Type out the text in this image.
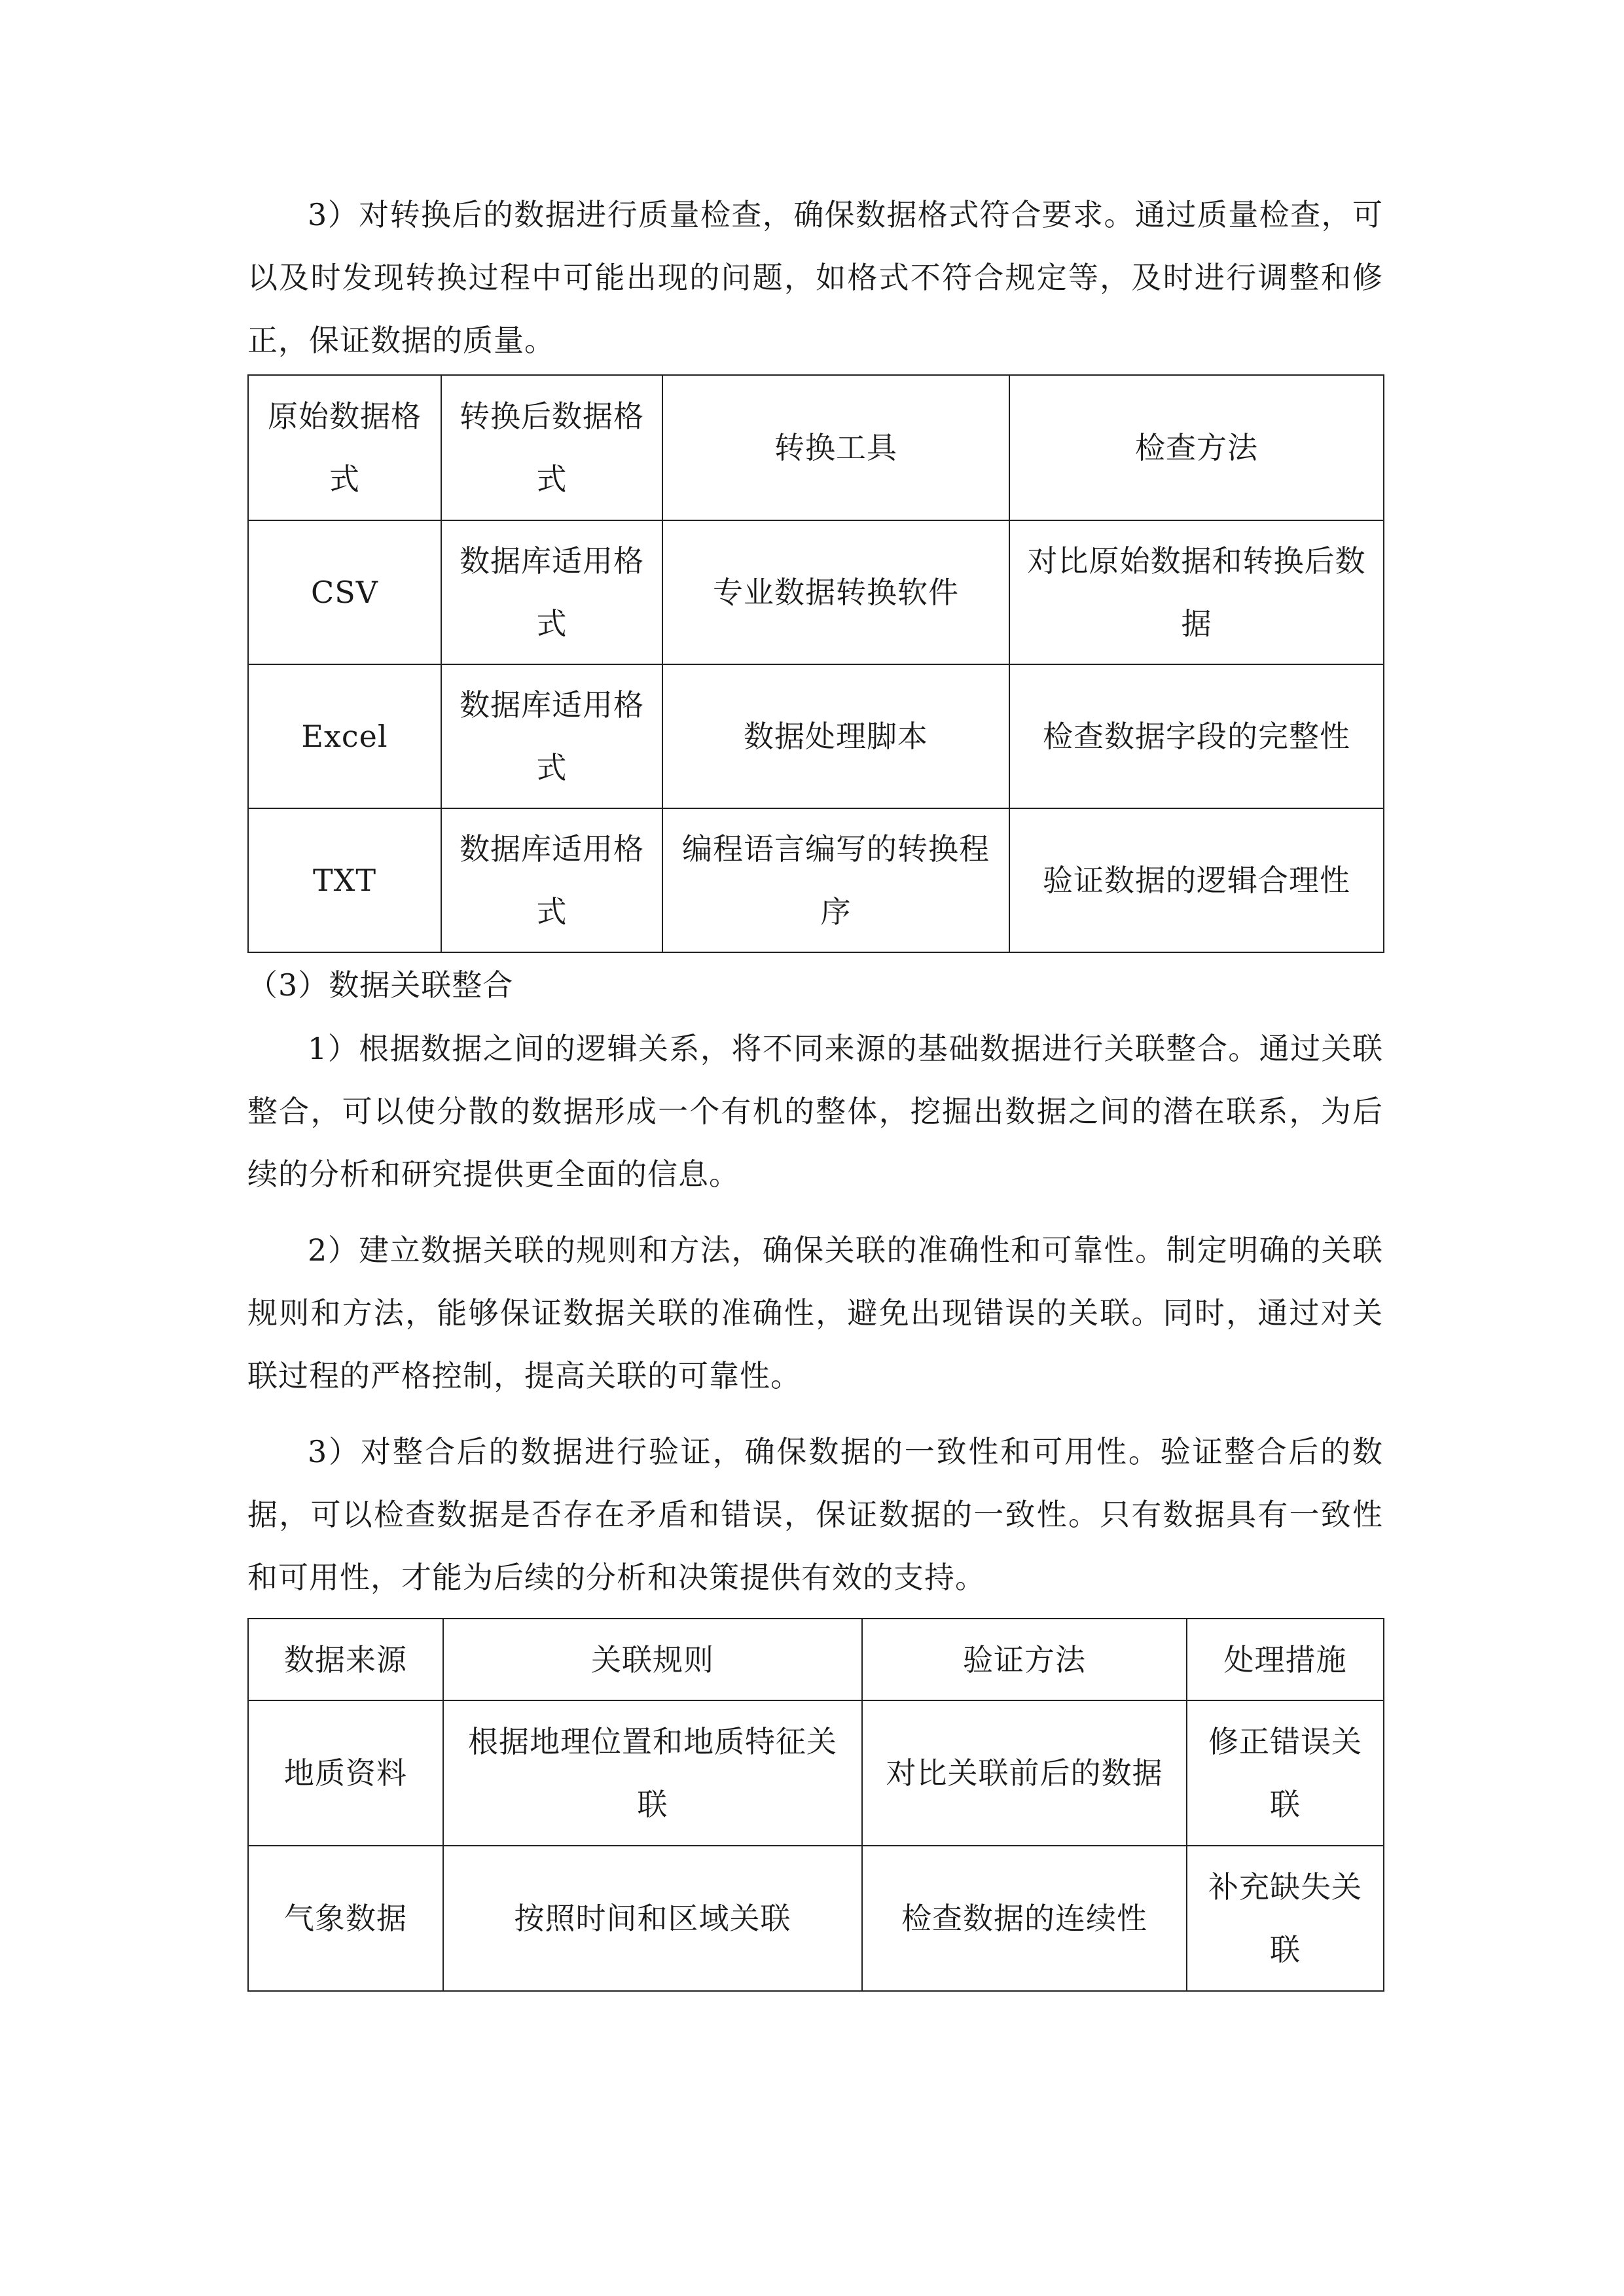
3）对转换后的数据进行质量检查，确保数据格式符合要求。通过质量检查，可以及时发现转换过程中可能出现的问题，如格式不符合规定等，及时进行调整和修正，保证数据的质量。

原始数据格式	转换后数据格式	转换工具	检查方法
CSV	数据库适用格式	专业数据转换软件	对比原始数据和转换后数据
Excel	数据库适用格式	数据处理脚本	检查数据字段的完整性
TXT	数据库适用格式	编程语言编写的转换程序	验证数据的逻辑合理性

（3）数据关联整合

1）根据数据之间的逻辑关系，将不同来源的基础数据进行关联整合。通过关联整合，可以使分散的数据形成一个有机的整体，挖掘出数据之间的潜在联系，为后续的分析和研究提供更全面的信息。

2）建立数据关联的规则和方法，确保关联的准确性和可靠性。制定明确的关联规则和方法，能够保证数据关联的准确性，避免出现错误的关联。同时，通过对关联过程的严格控制，提高关联的可靠性。

3）对整合后的数据进行验证，确保数据的一致性和可用性。验证整合后的数据，可以检查数据是否存在矛盾和错误，保证数据的一致性。只有数据具有一致性和可用性，才能为后续的分析和决策提供有效的支持。

数据来源	关联规则	验证方法	处理措施
地质资料	根据地理位置和地质特征关联	对比关联前后的数据	修正错误关联
气象数据	按照时间和区域关联	检查数据的连续性	补充缺失关联
